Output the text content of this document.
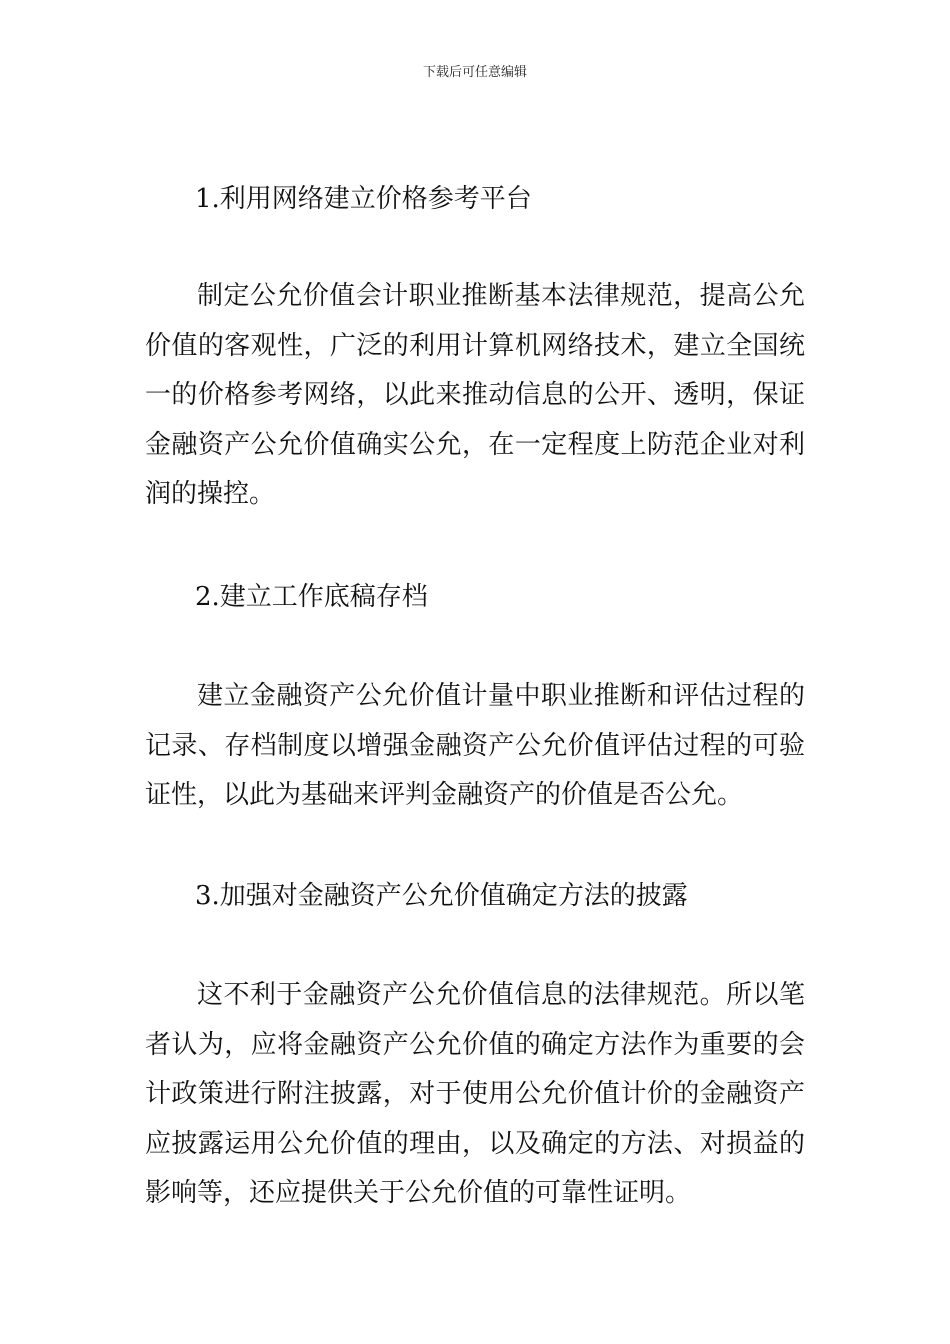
下载后可任意编辑

1.利用网络建立价格参考平台

制定公允价值会计职业推断基本法律规范，提高公允价值的客观性，广泛的利用计算机网络技术，建立全国统一的价格参考网络，以此来推动信息的公开、透明，保证金融资产公允价值确实公允，在一定程度上防范企业对利润的操控。

2.建立工作底稿存档

建立金融资产公允价值计量中职业推断和评估过程的记录、存档制度以增强金融资产公允价值评估过程的可验证性，以此为基础来评判金融资产的价值是否公允。

3.加强对金融资产公允价值确定方法的披露

这不利于金融资产公允价值信息的法律规范。所以笔者认为，应将金融资产公允价值的确定方法作为重要的会计政策进行附注披露，对于使用公允价值计价的金融资产应披露运用公允价值的理由，以及确定的方法、对损益的影响等，还应提供关于公允价值的可靠性证明。
